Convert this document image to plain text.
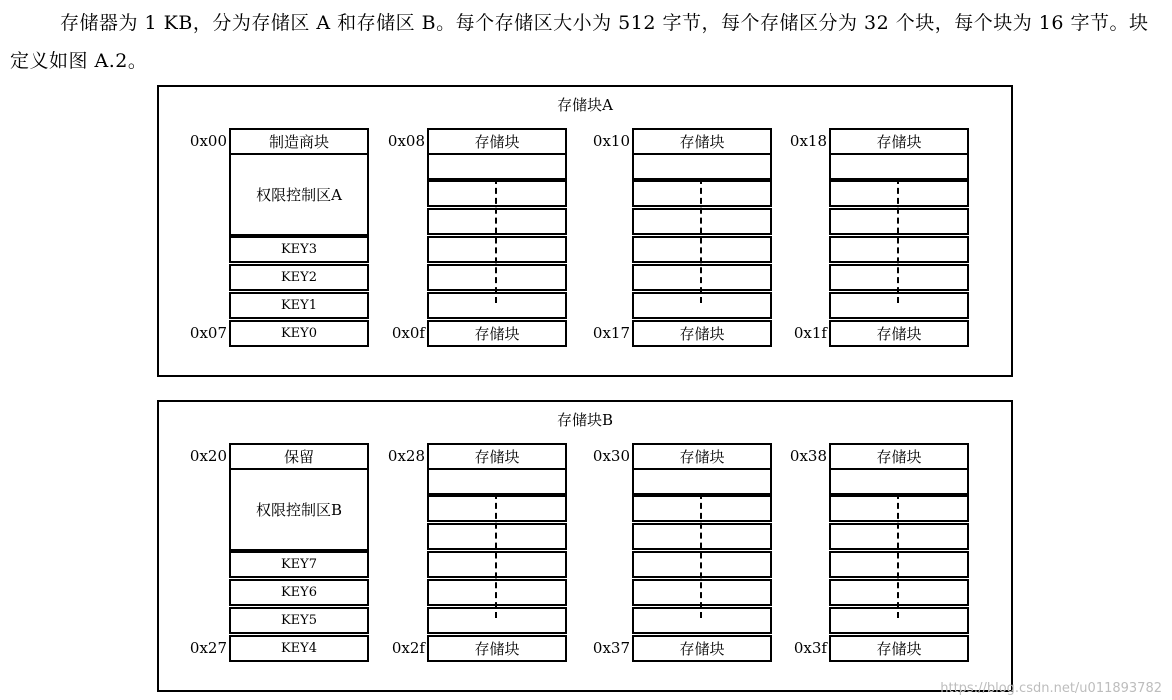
存储器为 1 KB，分为存储区 A 和存储区 B。每个存储区大小为 512 字节，每个存储区分为 32 个块，每个块为 16 字节。块定义如图 A.2。

存储块A
0x00
0x07
制造商块
权限控制区A
KEY3
KEY2
KEY1
KEY0
0x08
0x0f
存储块
存储块
0x10
0x17
存储块
存储块
0x18
0x1f
存储块
存储块
存储块B
0x20
0x27
保留
权限控制区B
KEY7
KEY6
KEY5
KEY4
0x28
0x2f
存储块
存储块
0x30
0x37
存储块
存储块
0x38
0x3f
存储块
存储块
https://blog.csdn.net/u011893782
